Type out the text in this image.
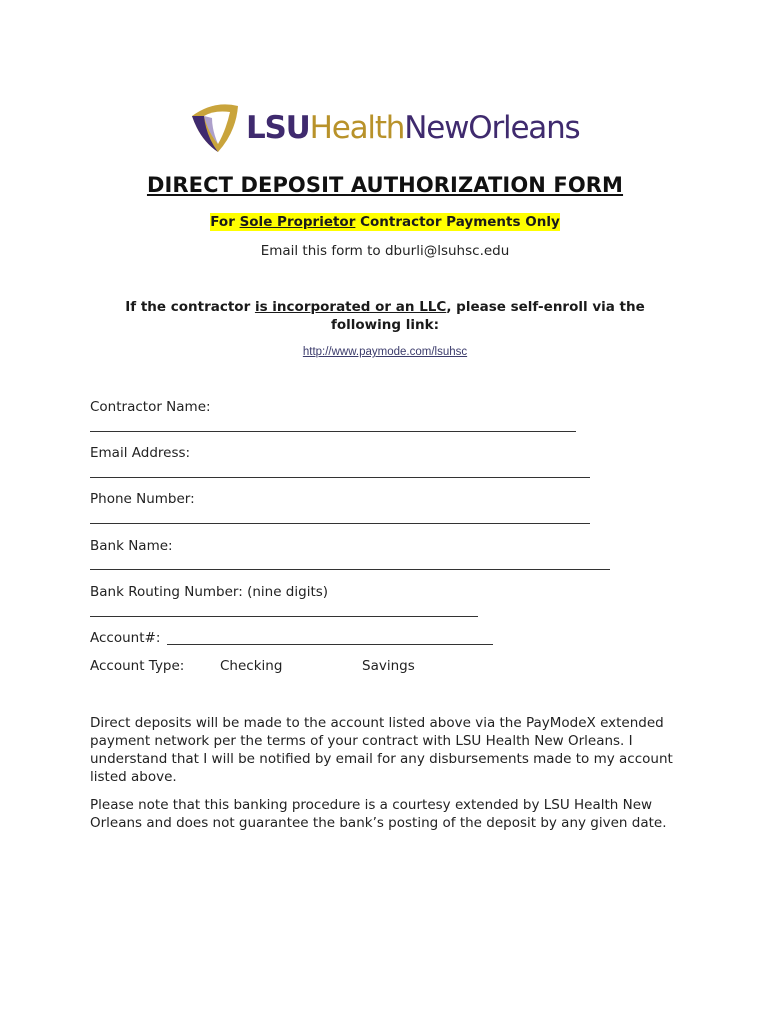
LSUHealthNewOrleans
DIRECT DEPOSIT AUTHORIZATION FORM
For Sole Proprietor Contractor Payments Only
Email this form to dburli@lsuhsc.edu
If the contractor is incorporated or an LLC, please self-enroll via the following link:
http://www.paymode.com/lsuhsc
Contractor Name:
Email Address:
Phone Number:
Bank Name:
Bank Routing Number: (nine digits)
Account#:
Account Type:	Checking	Savings
Direct deposits will be made to the account listed above via the PayModeX extended payment network per the terms of your contract with LSU Health New Orleans. I understand that I will be notified by email for any disbursements made to my account listed above.
Please note that this banking procedure is a courtesy extended by LSU Health New Orleans and does not guarantee the bank’s posting of the deposit by any given date.
